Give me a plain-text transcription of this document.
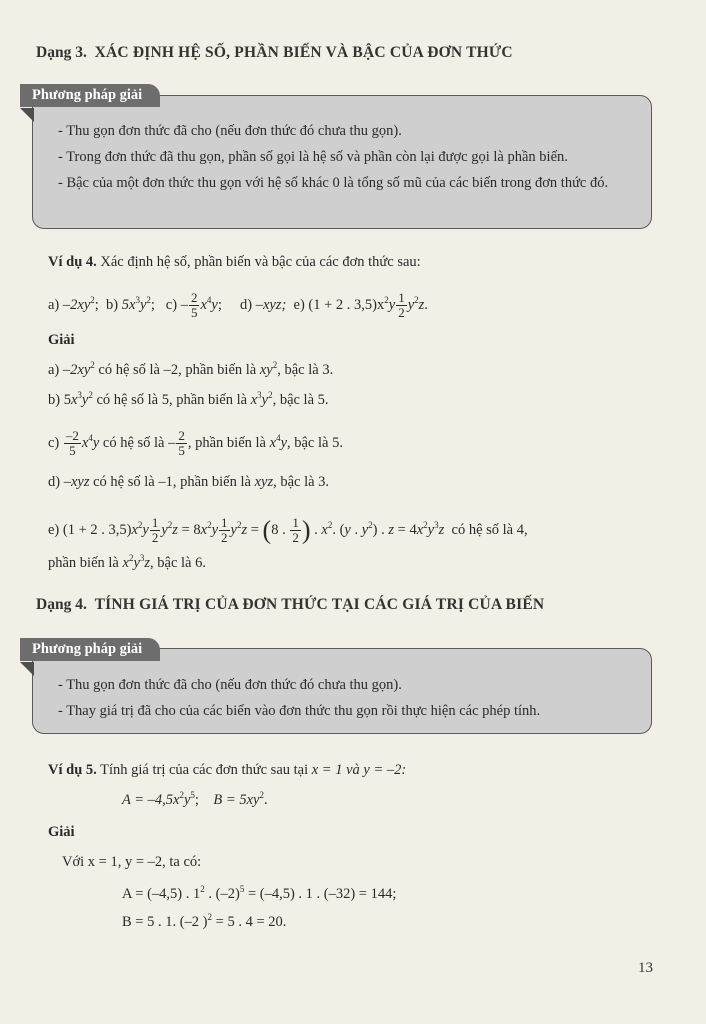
Dạng 3. XÁC ĐỊNH HỆ SỐ, PHẦN BIẾN VÀ BẬC CỦA ĐƠN THỨC
Phương pháp giải
- Thu gọn đơn thức đã cho (nếu đơn thức đó chưa thu gọn).
- Trong đơn thức đã thu gọn, phần số gọi là hệ số và phần còn lại được gọi là phần biến.
- Bậc của một đơn thức thu gọn với hệ số khác 0 là tổng số mũ của các biến trong đơn thức đó.
Ví dụ 4. Xác định hệ số, phần biến và bậc của các đơn thức sau:
a) $-2xy^2$;  b) $5x^3y^2$;   $c) - \frac{2}{5} x^4y$;     d) –xyz; e) (1 + 2 . $3,5)x^2y \frac{1}{2} y^2z$.
Giải
a) $-2xy^2$ có hệ số là –2, phần biến là $xy^2$, bậc là 3.
b) $5x^3y^2$ có hệ số là 5, phần biến là $x^3y^2$, bậc là 5.
$c) \frac{-2}{5} x^4y$ có hệ số là – $\frac{2}{5}$ , phần biến là $x^4y$, bậc là 5.
d) –xyz có hệ số là –1, phần biến là xyz, bậc là 3.
e) (1 + 2 . $3,5)x^2y \frac{1}{2} y^2z = 8x^2y \frac{1}{2} y^2z = (8$ . $\frac{1}{2}$ ) . $x^2$. (y . $y^2$) . $z = 4x^2y^3z$ có hệ số là 4,
phần biến là $x^2y^3z$, bậc là 6.
Dạng 4. TÍNH GIÁ TRỊ CỦA ĐƠN THỨC TẠI CÁC GIÁ TRỊ CỦA BIẾN
Phương pháp giải
- Thu gọn đơn thức đã cho (nếu đơn thức đó chưa thu gọn).
- Thay giá trị đã cho của các biến vào đơn thức thu gọn rồi thực hiện các phép tính.
Ví dụ 5. Tính giá trị của các đơn thức sau tại x = 1 và y = –2:
$A = -4,5x^2y^5$;    $B = 5xy^2$.
Giải
Với x = 1, y = –2, ta có:
A = (–4,5) . $1^2$ . $(-2)^5 = (-4,5)$ . 1 . (–32) = 144;
B = 5 . 1. (–2 )$^2$ = 5 . 4 = 20.
13
